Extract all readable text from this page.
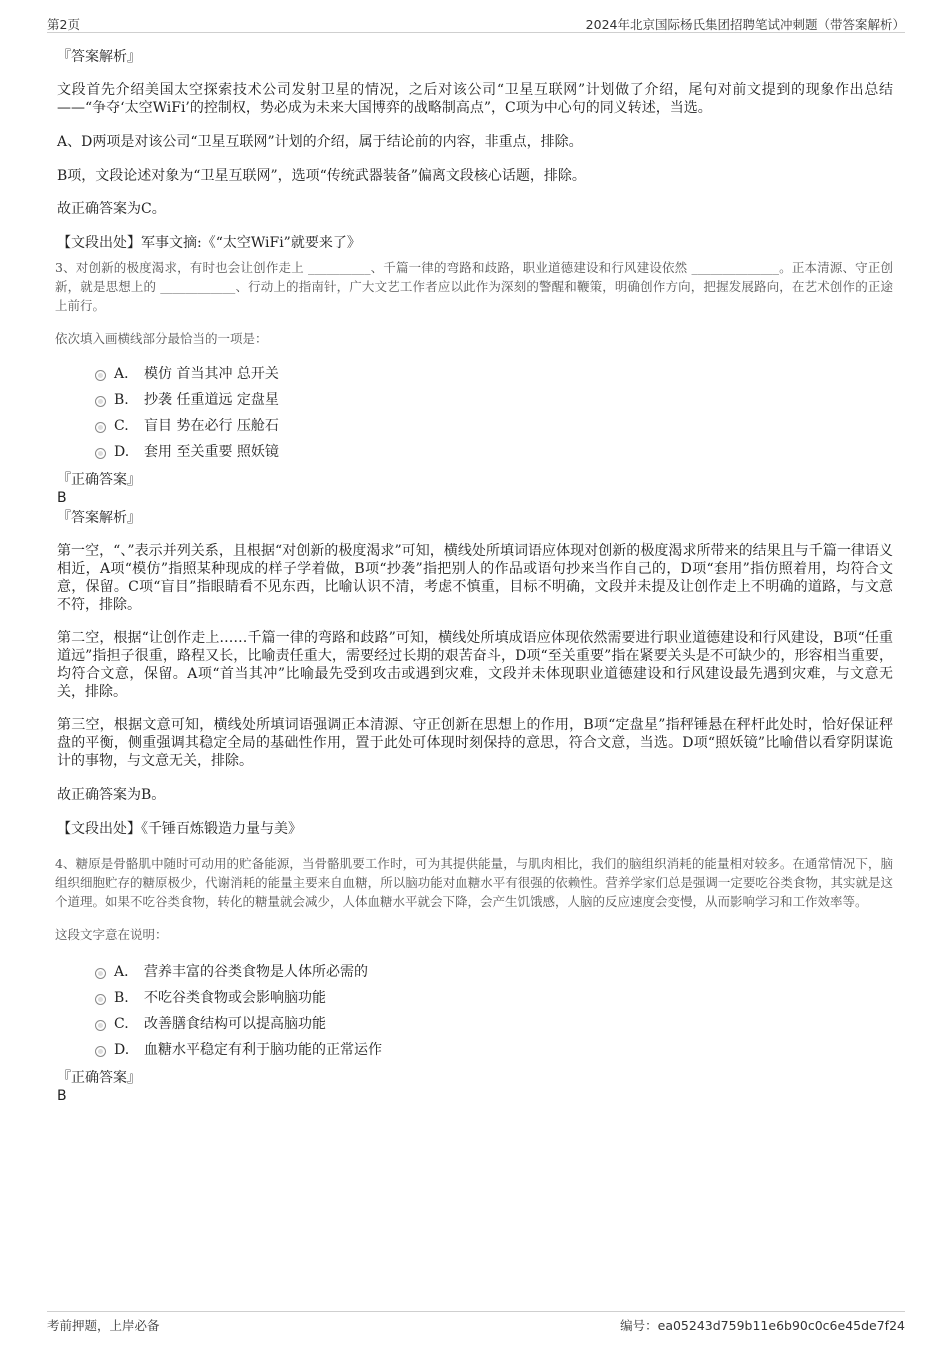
第2页	2024年北京国际杨氏集团招聘笔试冲刺题（带答案解析）

『答案解析』

文段首先介绍美国太空探索技术公司发射卫星的情况，之后对该公司“卫星互联网”计划做了介绍，尾句对前文提到的现象作出总结——“争夺‘太空WiFi’的控制权，势必成为未来大国博弈的战略制高点”，C项为中心句的同义转述，当选。

A、D两项是对该公司“卫星互联网”计划的介绍，属于结论前的内容，非重点，排除。

B项，文段论述对象为“卫星互联网”，选项“传统武器装备”偏离文段核心话题，排除。

故正确答案为C。

【文段出处】军事文摘:《“太空WiFi”就要来了》

3、对创新的极度渴求，有时也会让创作走上 __________、千篇一律的弯路和歧路，职业道德建设和行风建设依然 ______________。正本清源、守正创新，就是思想上的 ____________、行动上的指南针，广大文艺工作者应以此作为深刻的警醒和鞭策，明确创作方向，把握发展路向，在艺术创作的正途上前行。

依次填入画横线部分最恰当的一项是：

A． 模仿 首当其冲 总开关
B.	抄袭 任重道远 定盘星
C.	盲目 势在必行 压舱石
D.	套用 至关重要 照妖镜

『正确答案』

B

『答案解析』

第一空，“、”表示并列关系，且根据“对创新的极度渴求”可知，横线处所填词语应体现对创新的极度渴求所带来的结果且与千篇一律语义相近，A项“模仿”指照某种现成的样子学着做，B项“抄袭”指把别人的作品或语句抄来当作自己的，D项“套用”指仿照着用，均符合文意，保留。C项“盲目”指眼睛看不见东西，比喻认识不清，考虑不慎重，目标不明确，文段并未提及让创作走上不明确的道路，与文意不符，排除。

第二空，根据“让创作走上……千篇一律的弯路和歧路”可知，横线处所填成语应体现依然需要进行职业道德建设和行风建设，B项“任重道远”指担子很重，路程又长，比喻责任重大，需要经过长期的艰苦奋斗，D项“至关重要”指在紧要关头是不可缺少的，形容相当重要，均符合文意，保留。A项“首当其冲”比喻最先受到攻击或遇到灾难，文段并未体现职业道德建设和行风建设最先遇到灾难，与文意无关，排除。

第三空，根据文意可知，横线处所填词语强调正本清源、守正创新在思想上的作用，B项“定盘星”指秤锤悬在秤杆此处时，恰好保证秤盘的平衡，侧重强调其稳定全局的基础性作用，置于此处可体现时刻保持的意思，符合文意，当选。D项“照妖镜”比喻借以看穿阴谋诡计的事物，与文意无关，排除。

故正确答案为B。

【文段出处】《千锤百炼锻造力量与美》

4、糖原是骨骼肌中随时可动用的贮备能源，当骨骼肌要工作时，可为其提供能量，与肌肉相比，我们的脑组织消耗的能量相对较多。在通常情况下，脑组织细胞贮存的糖原极少，代谢消耗的能量主要来自血糖，所以脑功能对血糖水平有很强的依赖性。营养学家们总是强调一定要吃谷类食物，其实就是这个道理。如果不吃谷类食物，转化的糖量就会减少，人体血糖水平就会下降，会产生饥饿感，人脑的反应速度会变慢，从而影响学习和工作效率等。

这段文字意在说明：

A． 营养丰富的谷类食物是人体所必需的
B.	不吃谷类食物或会影响脑功能
C.	改善膳食结构可以提高脑功能
D.	血糖水平稳定有利于脑功能的正常运作

『正确答案』

B

考前押题，上岸必备	编号：ea05243d759b11e6b90c0c6e45de7f24
